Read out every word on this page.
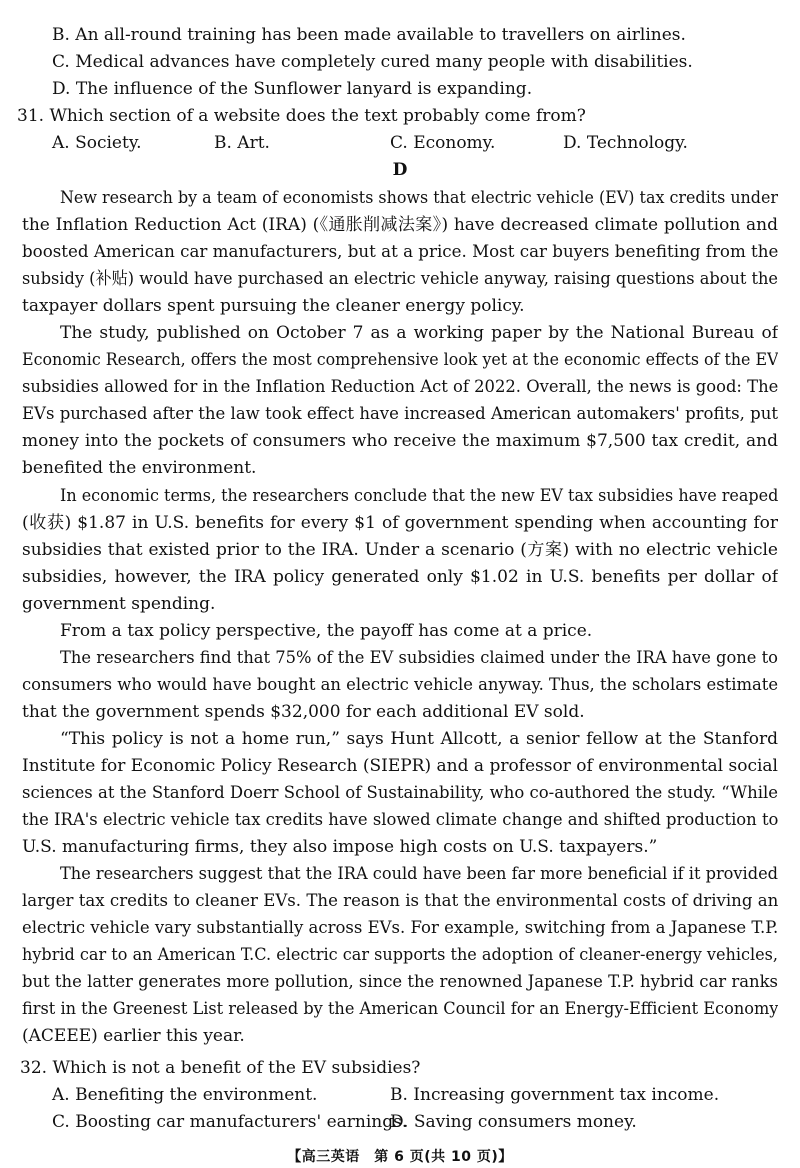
B. An all-round training has been made available to travellers on airlines.
C. Medical advances have completely cured many people with disabilities.
D. The influence of the Sunflower lanyard is expanding.
31. Which section of a website does the text probably come from?
A. Society.	B. Art.	C. Economy.	D. Technology.
D
New research by a team of economists shows that electric vehicle (EV) tax credits under
the Inflation Reduction Act (IRA) (《通胀削减法案》) have decreased climate pollution and
boosted American car manufacturers, but at a price. Most car buyers benefiting from the
subsidy (补贴) would have purchased an electric vehicle anyway, raising questions about the
taxpayer dollars spent pursuing the cleaner energy policy.
The study, published on October 7 as a working paper by the National Bureau of
Economic Research, offers the most comprehensive look yet at the economic effects of the EV
subsidies allowed for in the Inflation Reduction Act of 2022. Overall, the news is good: The
EVs purchased after the law took effect have increased American automakers' profits, put
money into the pockets of consumers who receive the maximum $7,500 tax credit, and
benefited the environment.
In economic terms, the researchers conclude that the new EV tax subsidies have reaped
(收获) $1.87 in U.S. benefits for every $1 of government spending when accounting for
subsidies that existed prior to the IRA. Under a scenario (方案) with no electric vehicle
subsidies, however, the IRA policy generated only $1.02 in U.S. benefits per dollar of
government spending.
From a tax policy perspective, the payoff has come at a price.
The researchers find that 75% of the EV subsidies claimed under the IRA have gone to
consumers who would have bought an electric vehicle anyway. Thus, the scholars estimate
that the government spends $32,000 for each additional EV sold.
“This policy is not a home run,” says Hunt Allcott, a senior fellow at the Stanford
Institute for Economic Policy Research (SIEPR) and a professor of environmental social
sciences at the Stanford Doerr School of Sustainability, who co-authored the study. “While
the IRA's electric vehicle tax credits have slowed climate change and shifted production to
U.S. manufacturing firms, they also impose high costs on U.S. taxpayers.”
The researchers suggest that the IRA could have been far more beneficial if it provided
larger tax credits to cleaner EVs. The reason is that the environmental costs of driving an
electric vehicle vary substantially across EVs. For example, switching from a Japanese T.P.
hybrid car to an American T.C. electric car supports the adoption of cleaner-energy vehicles,
but the latter generates more pollution, since the renowned Japanese T.P. hybrid car ranks
first in the Greenest List released by the American Council for an Energy-Efficient Economy
(ACEEE) earlier this year.
32. Which is not a benefit of the EV subsidies?
A. Benefiting the environment.	B. Increasing government tax income.
C. Boosting car manufacturers' earnings.
D. Saving consumers money.
【高三英语　第 6 页(共 10 页)】
